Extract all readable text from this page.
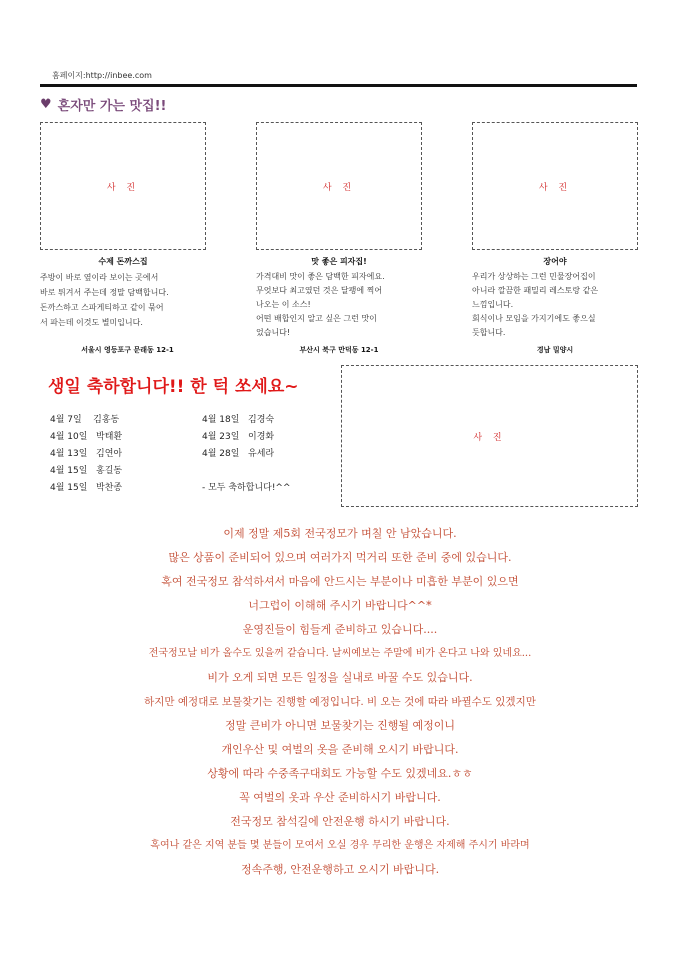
홈페이지:http://inbee.com
♥ 혼자만 가는 맛집!!
사 진
수제 돈까스집
주방이 바로 옆이라 보이는 곳에서
바로 튀겨서 주는데 정말 담백합니다.
돈까스하고 스파게티하고 같이 묶어
서 파는데 이것도 별미입니다.
서울시 영등포구 문래동 12-1
사 진
맛 좋은 피자집!
가격대비 맛이 좋은 담백한 피자에요.
무엇보다 최고였던 것은 달팽에 찍어
나오는 이 소스!
어떤 배합인지 알고 싶은 그런 맛이
었습니다!
부산시 북구 만덕동 12-1
사 진
장어야
우리가 상상하는 그런 민물장어집이
아니라 깔끔한 패밀리 레스토랑 같은
느낌입니다.
회식이나 모임을 가지기에도 좋으실
듯합니다.
경남 밀양시
생일 축하합니다!! 한 턱 쏘세요~
4월 7일    김홍동
4월 10일   박태환
4월 13일   김연아
4월 15일   홍길동
4월 15일   박찬종
4월 18일   김경숙
4월 23일   이경화
4월 28일   유세라
- 모두 축하합니다!^^
사 진

이제 정말 제5회 전국정모가 며칠 안 남았습니다.

많은 상품이 준비되어 있으며 여러가지 먹거리 또한 준비 중에 있습니다.

혹여 전국정모 참석하셔서 마음에 안드시는 부분이나 미흡한 부분이 있으면

너그럽이 이해해 주시기 바랍니다^^*

운영진들이 힘들게 준비하고 있습니다....

전국정모날 비가 올수도 있을꺼 같습니다. 날씨예보는 주말에 비가 온다고 나와 있네요...

비가 오게 되면 모든 일정을 실내로 바꿀 수도 있습니다.

하지만 예정대로 보물찾기는 진행할 예정입니다. 비 오는 것에 따라 바뀔수도 있겠지만

정말 큰비가 아니면 보물찾기는 진행될 예정이니

개인우산 및 여벌의 옷을 준비해 오시기 바랍니다.

상황에 따라 수중족구대회도 가능할 수도 있겠네요.ㅎㅎ

꼭 여벌의 옷과 우산 준비하시기 바랍니다.

전국정모 참석길에 안전운행 하시기 바랍니다.

혹여나 같은 지역 분들 몇 분들이 모여서 오실 경우 무리한 운행은 자제해 주시기 바라며

정속주행, 안전운행하고 오시기 바랍니다.
